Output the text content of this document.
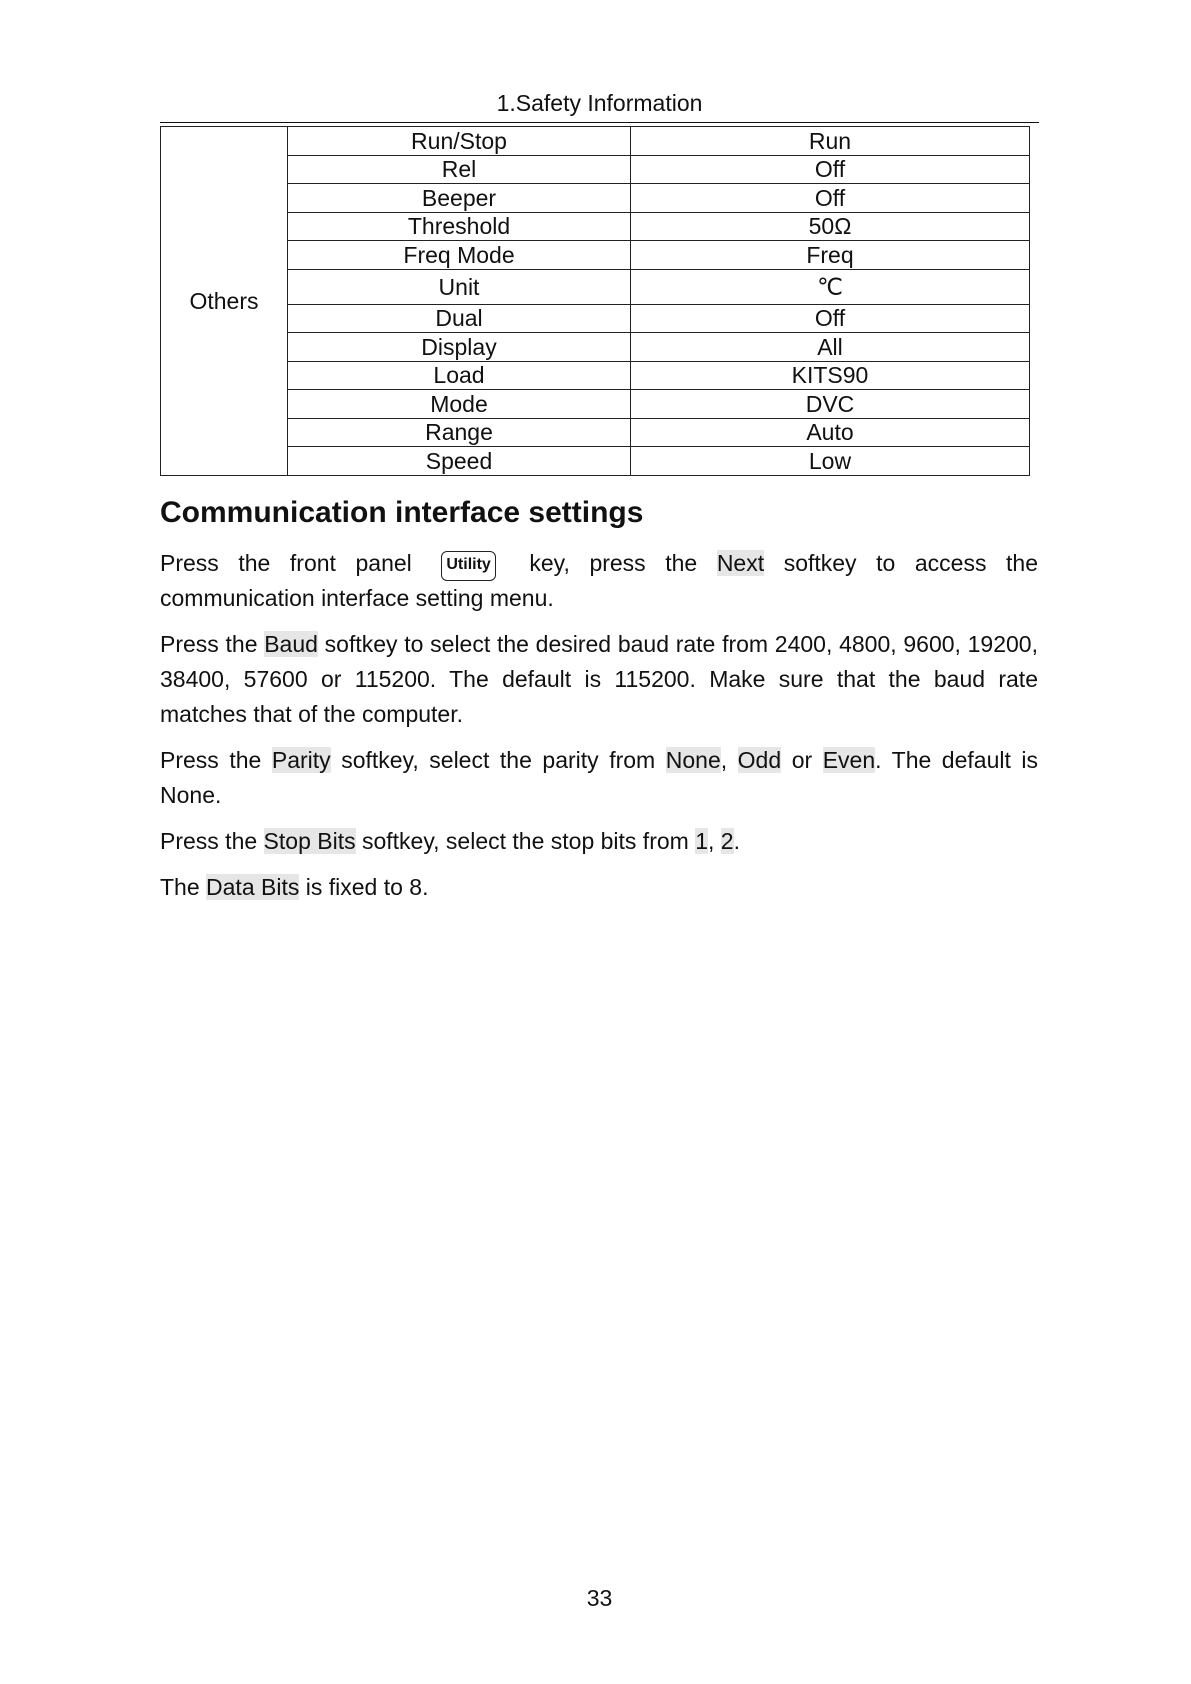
1.Safety Information
Others	Run/Stop	Run
	Rel	Off
	Beeper	Off
	Threshold	50Ω
	Freq Mode	Freq
	Unit	℃
	Dual	Off
	Display	All
	Load	KITS90
	Mode	DVC
	Range	Auto
	Speed	Low
Communication interface settings

Press the front panel Utility key, press the Next softkey to access the

communication interface setting menu.

Press the Baud softkey to select the desired baud rate from 2400, 4800, 9600, 19200, 38400, 57600 or 115200. The default is 115200. Make sure that the baud rate matches that of the computer.

Press the Parity softkey, select the parity from None, Odd or Even. The default is None.

Press the Stop Bits softkey, select the stop bits from 1, 2.

The Data Bits is fixed to 8.

33
